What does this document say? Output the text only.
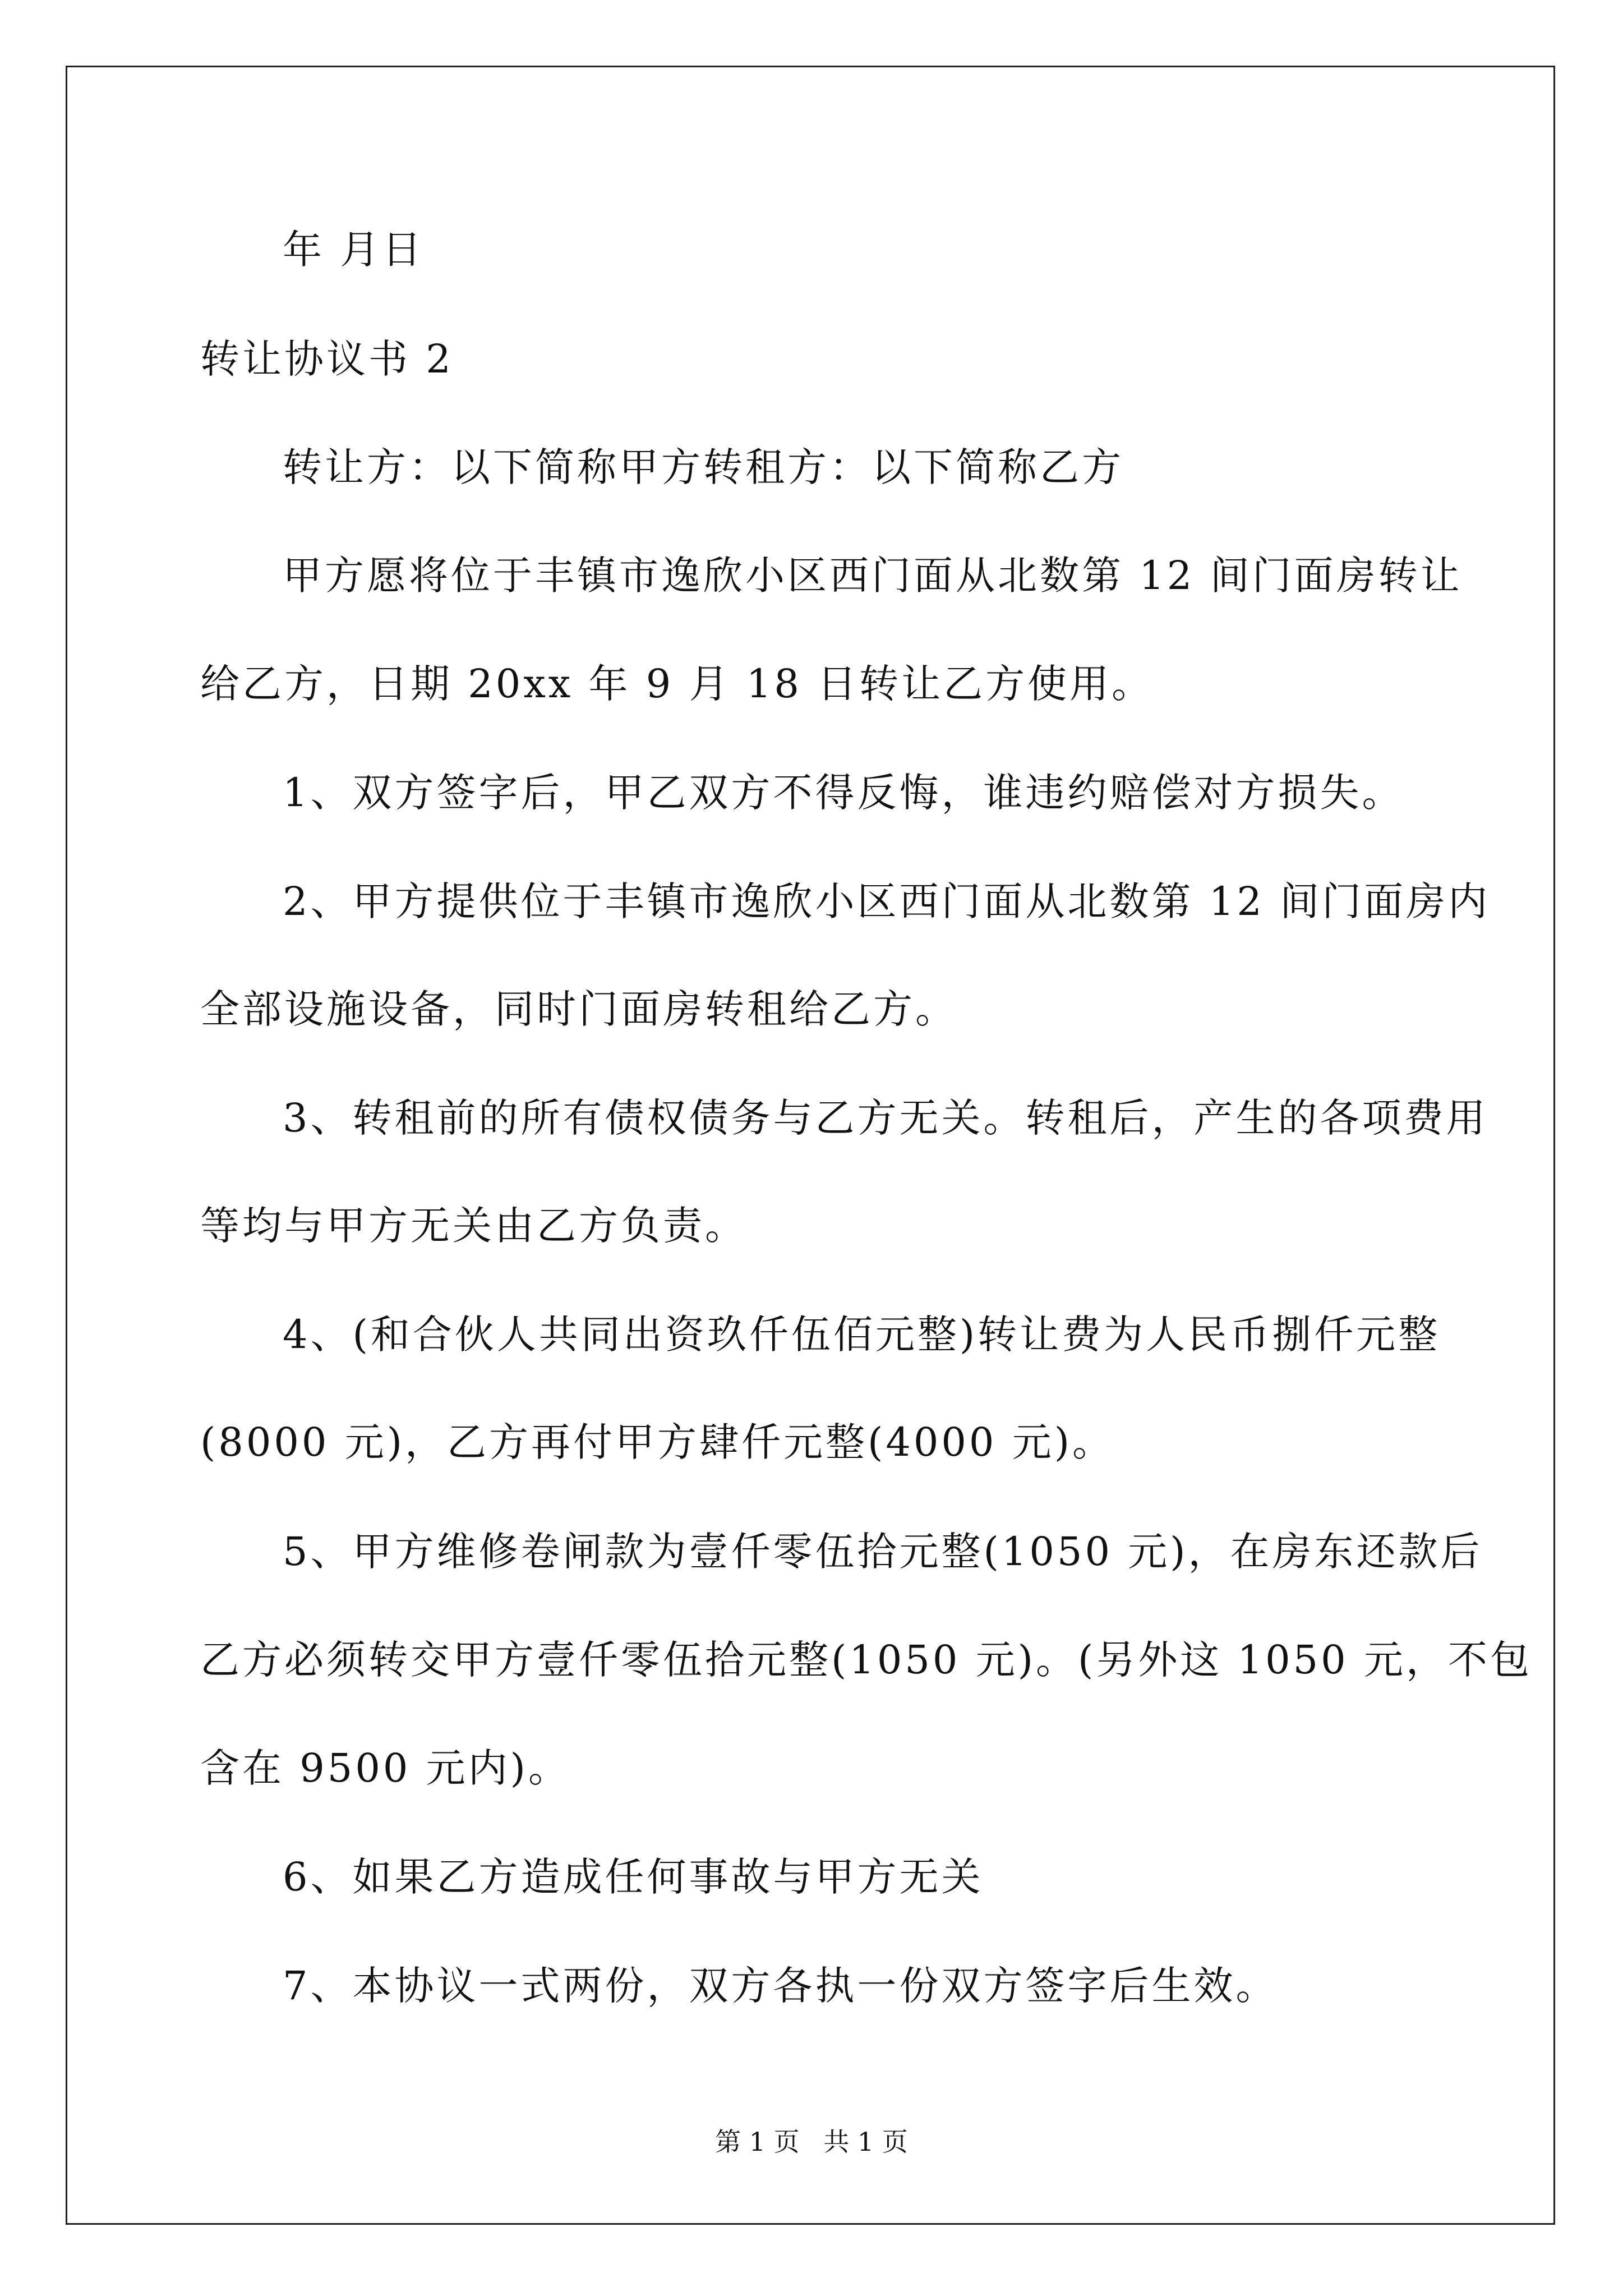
年 月日
转让协议书 2
转让方：以下简称甲方转租方：以下简称乙方
甲方愿将位于丰镇市逸欣小区西门面从北数第 12 间门面房转让
给乙方，日期 20xx 年 9 月 18 日转让乙方使用。
1、双方签字后，甲乙双方不得反悔，谁违约赔偿对方损失。
2、甲方提供位于丰镇市逸欣小区西门面从北数第 12 间门面房内
全部设施设备，同时门面房转租给乙方。
3、转租前的所有债权债务与乙方无关。转租后，产生的各项费用
等均与甲方无关由乙方负责。
4、(和合伙人共同出资玖仟伍佰元整)转让费为人民币捌仟元整
(8000 元)，乙方再付甲方肆仟元整(4000 元)。
5、甲方维修卷闸款为壹仟零伍拾元整(1050 元)，在房东还款后
乙方必须转交甲方壹仟零伍拾元整(1050 元)。(另外这 1050 元，不包
含在 9500 元内)。
6、如果乙方造成任何事故与甲方无关
7、本协议一式两份，双方各执一份双方签字后生效。
第 1 页 共 1 页
